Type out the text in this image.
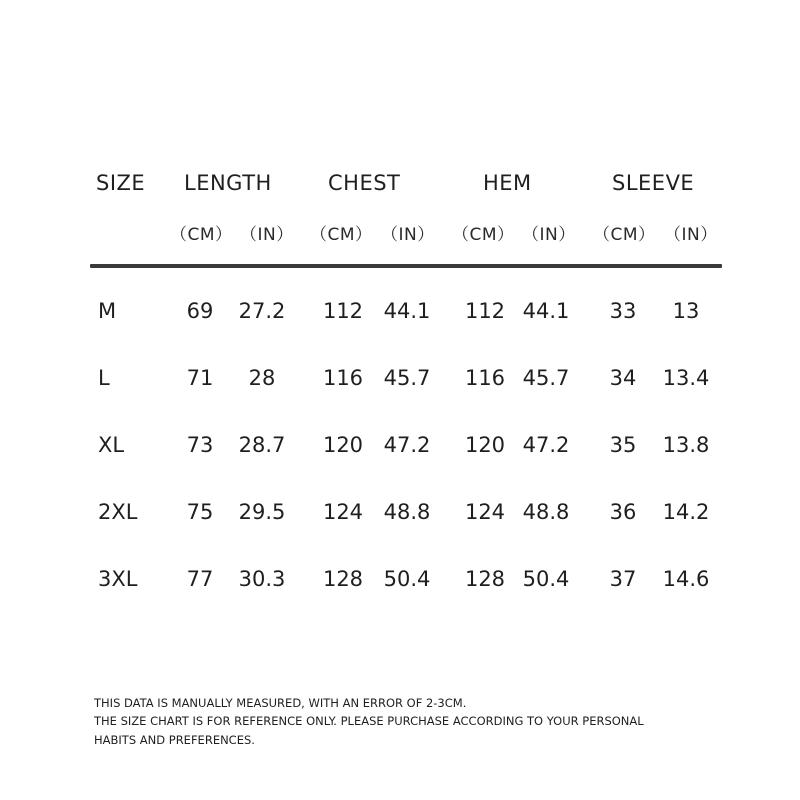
SIZE LENGTH	CHEST	HEM	SLEEVE
（CM） （IN） （CM） （IN） （CM） （IN） （CM） （IN）
M	69	27.2	112 44.1	112 44.1	33	13
L	71	28	116 45.7	116 45.7	34	13.4
XL	73	28.7	120 47.2	120 47.2	35	13.8
2XL	75	29.5	124 48.8	124 48.8	36	14.2
3XL	77	30.3	128 50.4	128 50.4	37	14.6
THIS DATA IS MANUALLY MEASURED, WITH AN ERROR OF 2-3CM.
THE SIZE CHART IS FOR REFERENCE ONLY. PLEASE PURCHASE ACCORDING TO YOUR PERSONAL
HABITS AND PREFERENCES.
